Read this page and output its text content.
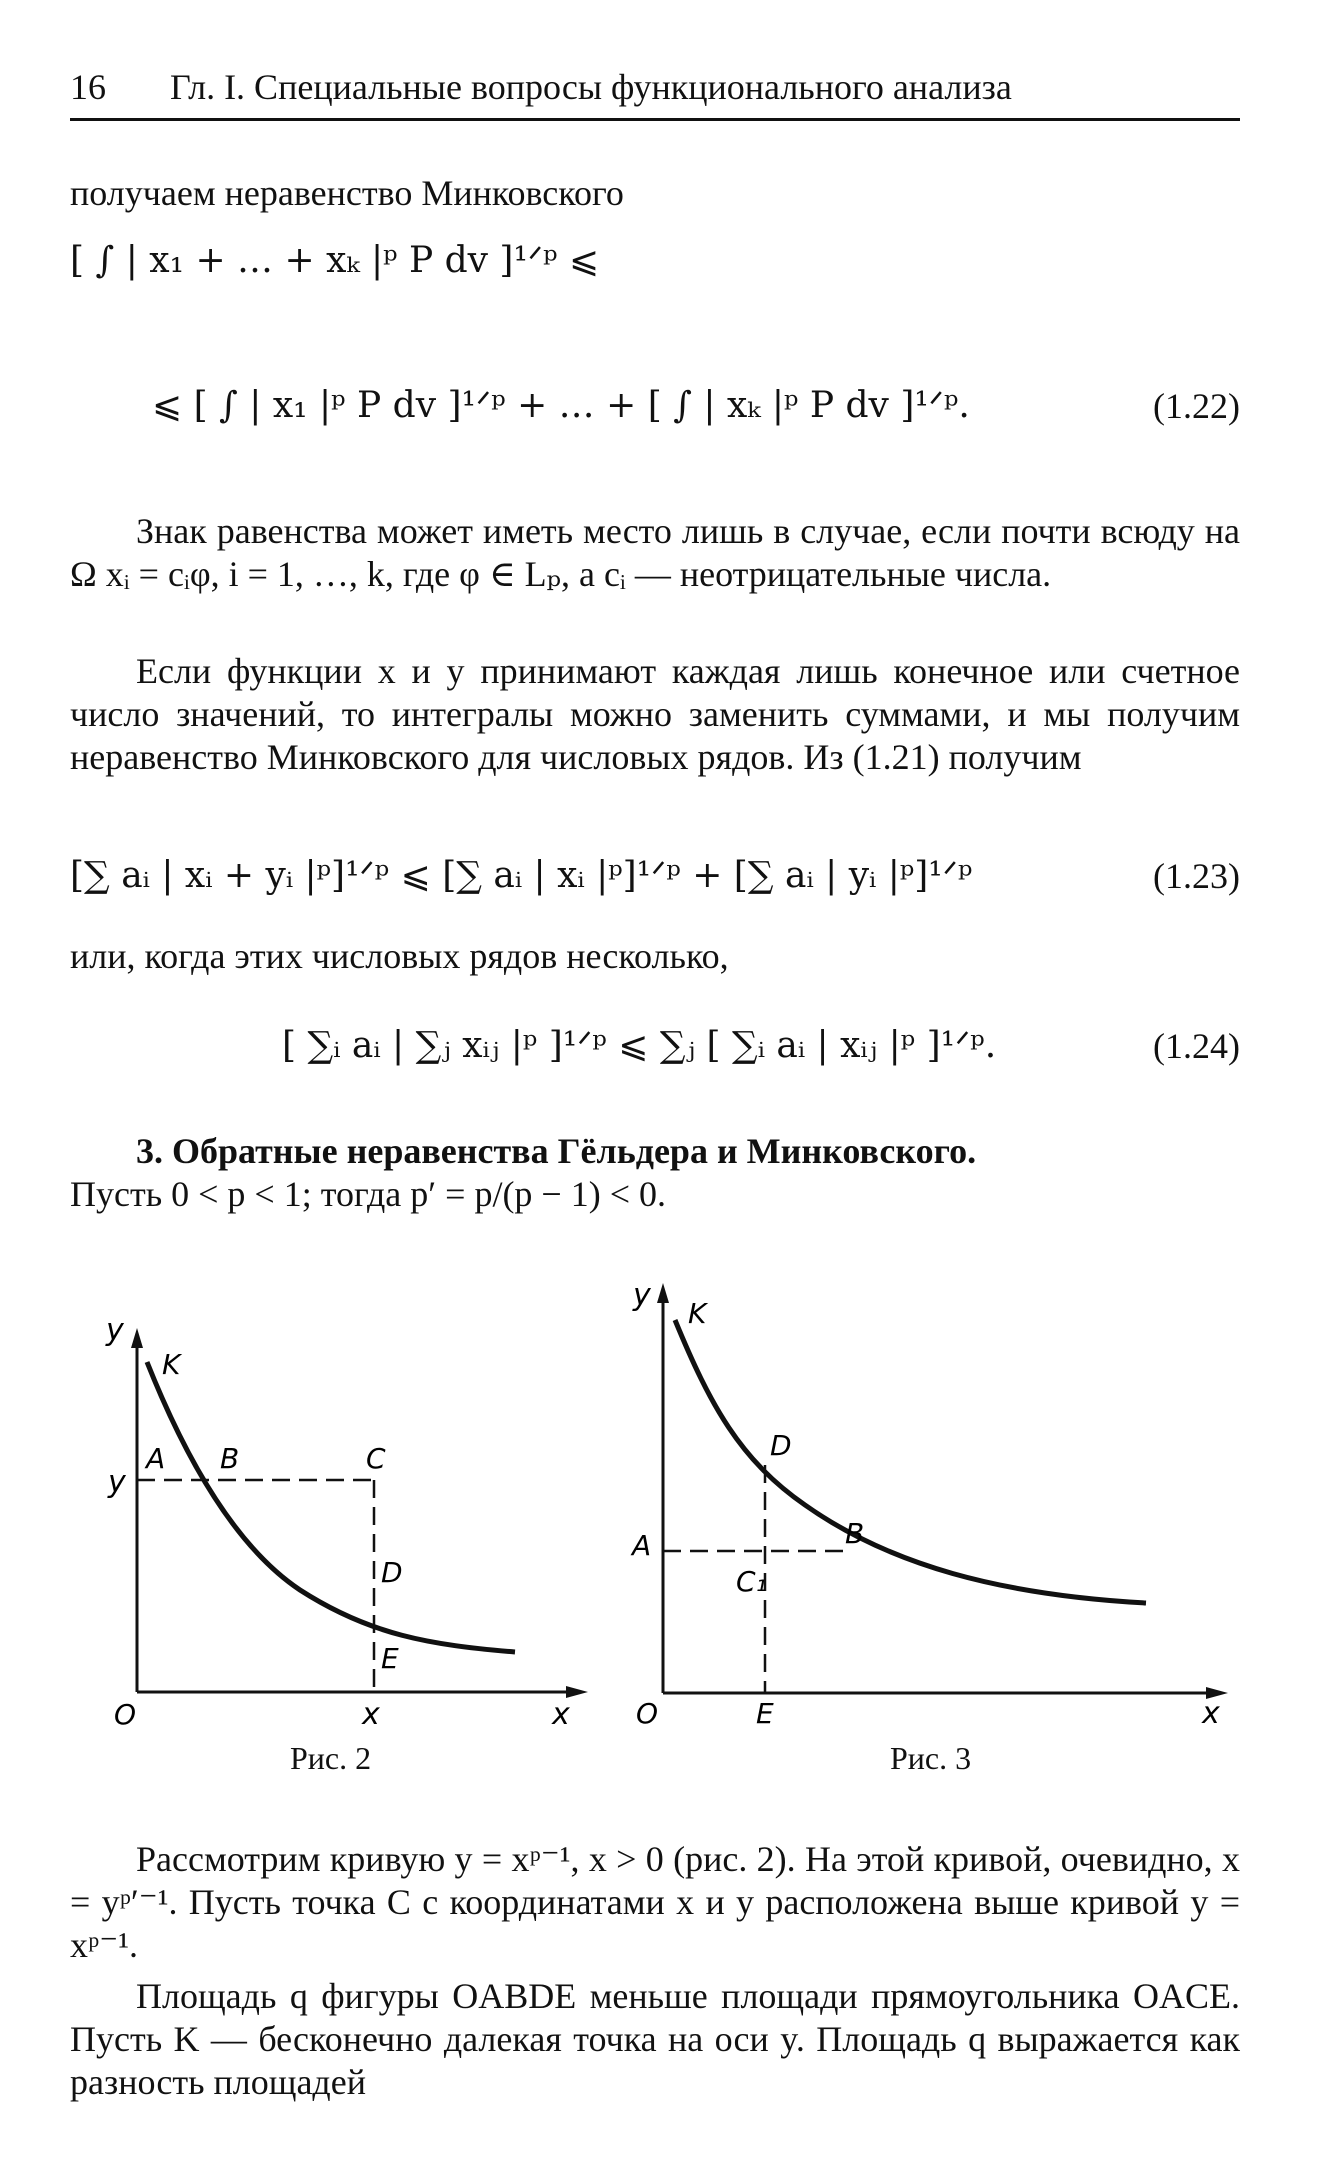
16 Гл. I. Специальные вопросы функционального анализа
получаем неравенство Минковского
[ ∫ | x₁ + … + xₖ |ᵖ P dv ]¹ᐟᵖ ⩽
⩽ [ ∫ | x₁ |ᵖ P dv ]¹ᐟᵖ + … + [ ∫ | xₖ |ᵖ P dv ]¹ᐟᵖ.	(1.22)
Знак равенства может иметь место лишь в случае, если почти всюду на Ω xᵢ = cᵢφ, i = 1, …, k, где φ ∈ Lₚ, а cᵢ — неотрицательные числа.
Если функции x и y принимают каждая лишь конечное или счетное число значений, то интегралы можно заменить суммами, и мы получим неравенство Минковского для числовых рядов. Из (1.21) получим
[∑ aᵢ | xᵢ + yᵢ |ᵖ]¹ᐟᵖ ⩽ [∑ aᵢ | xᵢ |ᵖ]¹ᐟᵖ + [∑ aᵢ | yᵢ |ᵖ]¹ᐟᵖ	(1.23)
или, когда этих числовых рядов несколько,
[ ∑ᵢ aᵢ | ∑ⱼ xᵢⱼ |ᵖ ]¹ᐟᵖ ⩽ ∑ⱼ [ ∑ᵢ aᵢ | xᵢⱼ |ᵖ ]¹ᐟᵖ.	(1.24)
3. Обратные неравенства Гёльдера и Минковского.
Пусть 0 < p < 1; тогда p′ = p/(p − 1) < 0.
y
K
A B	C
y
D
E
O	x	x
Рис. 2
y
K
D
B
A
C₁
O	E	x
Рис. 3
Рассмотрим кривую y = xᵖ⁻¹, x > 0 (рис. 2). На этой кривой, очевидно, x = yᵖ′⁻¹. Пусть точка C с координатами x и y расположена выше кривой y = xᵖ⁻¹.
Площадь q фигуры OABDE меньше площади прямоугольника OACE. Пусть K — бесконечно далекая точка на оси y. Площадь q выражается как разность площадей
